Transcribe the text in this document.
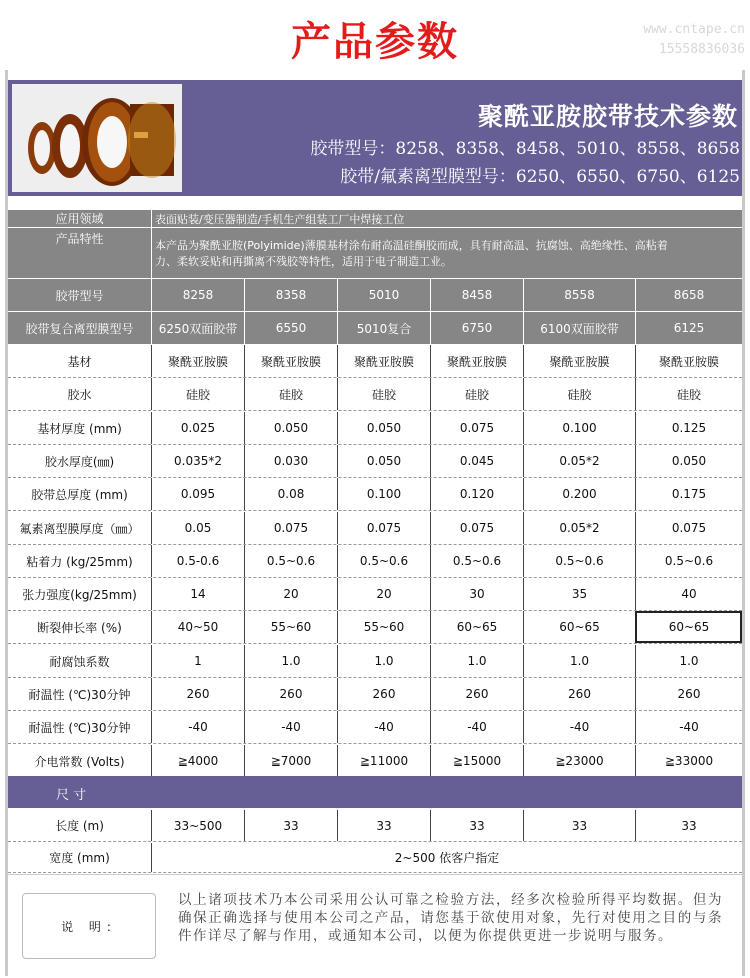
产品参数	www.cntape.cn
15558836036
聚酰亚胺胶带技术参数
胶带型号：8258、8358、8458、5010、8558、8658
胶带/氟素离型膜型号：6250、6550、6750、6125
应用领域	表面贴装/变压器制造/手机生产组装工厂中焊接工位
产品特性	本产品为聚酰亚胺(Polyimide)薄膜基材涂布耐高温硅酮胶而成，具有耐高温、抗腐蚀、高绝缘性、高粘着
力、柔软妥贴和再撕离不残胶等特性，适用于电子制造工业。
胶带型号	8258	8358	5010	8458	8558	8658
胶带复合离型膜型号	6250双面胶带	6550	5010复合	6750	6100双面胶带	6125
基材	聚酰亚胺膜	聚酰亚胺膜	聚酰亚胺膜	聚酰亚胺膜	聚酰亚胺膜	聚酰亚胺膜
胶水	硅胶	硅胶	硅胶	硅胶	硅胶	硅胶
基材厚度 (mm)	0.025	0.050	0.050	0.075	0.100	0.125
胶水厚度(㎜)	0.035*2	0.030	0.050	0.045	0.05*2	0.050
胶带总厚度 (mm)	0.095	0.08	0.100	0.120	0.200	0.175
氟素离型膜厚度（㎜）	0.05	0.075	0.075	0.075	0.05*2	0.075
粘着力 (kg/25mm)	0.5-0.6	0.5~0.6	0.5~0.6	0.5~0.6	0.5~0.6	0.5~0.6
张力强度(kg/25mm)	14	20	20	30	35	40
断裂伸长率 (%)	40~50	55~60	55~60	60~65	60~65	60~65
耐腐蚀系数	1	1.0	1.0	1.0	1.0	1.0
耐温性 (℃)30分钟	260	260	260	260	260	260
耐温性 (℃)30分钟	-40	-40	-40	-40	-40	-40
介电常数 (Volts)	≧4000	≧7000	≧11000	≧15000	≧23000	≧33000
尺 寸
长度 (m)	33~500	33	33	33	33	33
宽度 (mm)	2~500 依客户指定
说 明:
以上诸项技术乃本公司采用公认可靠之检验方法，经多次检验所得平均数据。但为确保正确选择与使用本公司之产品，请您基于欲使用对象，先行对使用之目的与条件作详尽了解与作用，或通知本公司，以便为你提供更进一步说明与服务。
